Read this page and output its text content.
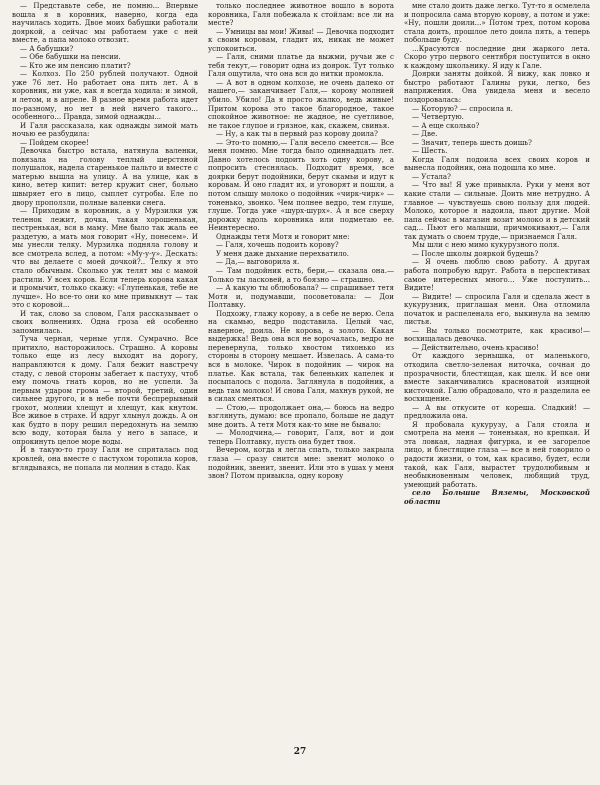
— Представьте себе, не помню... Впервые вошла я в коровник, наверно, когда еда научилась ходить. Двое моих бабушки работали дояркой, а сейчас мы работаем уже с ней вместе, а папа молоко отвозит.

— А бабушки?

— Обе бабушки на пенсии.

— Кто же им пенсию платит?

— Колхоз. По 250 рублей получают. Одной уже 76 лет. Но работает она пять лет. А в коровник, ни уже, как я всегда ходила: и зимой, и летом, и в апреле. В разное время работа идет по-разному, но нет в ней ничего такого... особенного... Правда, зимой однажды...

И Галя рассказала, как однажды зимой мать ночью ее разбудила:

— Пойдем скорее!

Девочка быстро встала, натянула валенки, повязала на голову теплый шерстяной полушалок, надела старенькое пальто и вместе с матерью вышла на улицу. А на улице, как в кино, ветер кипит: ветер кружит снег, больно швыряет его в лицо, сыплет сугробы. Еле по двору проползли, полные валенки снега.

— Приходим в коровник, а у Мурзилки уж теленок лежит, дочка, такая хорошенькая, пестренькая, вся в маму. Мне было так жаль ее раздетую, а мать моя говорит «Ну, понесем». И мы унесли телку. Мурзилка подняла голову и все смотрела вслед, а потом: «Му-у-у». Дескать: что вы делаете с моей дочкой?.. Телку я это стало обычным. Сколько уж телят мы с мамой растили. У всех коров. Если теперь корова какая и промычит, только скажу: «Глупенькая, тебе не лучше». Но все-то они ко мне привыкнут — так это с коровой...

И так, слово за словом, Галя рассказывает о своих волнениях. Одна гроза ей особенно запомнилась.

Туча черная, черные угля. Сумрачно. Все притихло, насторожилось. Страшно. А коровы только еще из лесу выходят на дорогу, направляются к дому. Галя бежит навстречу стаду, с левой стороны забегает к пастуху, чтоб ему помочь гнать коров, но не успели. За первым ударом грома — второй, третий, один сильнее другого, и в небе почти беспрерывный грохот, молнии хлещут и хлещут, как кнутом. Все живое в страхе. И вдруг хлынул дождь. А он как будто в пору решил передохнуть на землю всю воду, которая была у него в запасе, и опрокинуть целое море воды.

И в такую-то грозу Галя не спряталась под кровлей, она вместе с пастухом торопила коров, вглядываясь, не попала ли молния в стадо. Как

только последнее животное вошло в ворота коровника, Галя побежала к стойлам: все ли на месте?

— Умницы вы мои! Живы! — Девочка подходит к своим коровам, гладит их, никак не может успокоиться.

— Галя, сними платье да выжми, ручьи же с тебя текут,— говорит одна из доярок. Тут только Галя ощутила, что она вся до нитки промокла.

— А вот в одном колхозе, не очень далеко от нашего,— заканчивает Галя,— корову молнией убило. Убило! Да я просто жалко, ведь живые! Притом корова это такое благородное, такое спокойное животное: не жадное, не суетливое, не такое глупое и грязное, как, скажем, свинья.

— Ну, а как ты в первый раз корову доила?

— Это-то помню,— Галя весело смеется.— Все меня помню. Мне тогда было одиннадцать лет. Давно хотелось подоить хоть одну корову, а попросить стеснялась. Подходит время, все доярки берут подойники, берут скамьи и идут к коровам. И оно гладят их, и уговорят и пошли, а потом слышу молоко о подойник «чирк-чирк» — тоненько, звонко. Чем полнее ведро, тем глуше, глуше. Тогда уже «шурх-шурх». А я все сверху дорожку вдоль коровника или подметаю ее. Неинтересно.

Однажды тетя Мотя и говорит мне:

— Галя, хочешь подоить корову?

У меня даже дыхание перехватило.

— Да,— выговорила я.

— Там подойник есть, бери,— сказала она.— Только ты ласковей, а то боязно — страшно.

— А какую ты облюбовала? — спрашивает тетя Мотя и, подумавши, посоветовала: — Дои Полтавку.

Подхожу, глажу корову, а в себе не верю. Села на скамью, ведро подставила. Целый час, наверное, доила. Не корова, а золото. Какая выдержка! Ведь она вся не ворочалась, ведро не перевернула, только хвостом тихонько из стороны в сторону мешает. Извелась. А сама-то вся в молоке. Чирок в подойник — чирок на платье. Как встала, так беленьких капелек и посыпалось с подола. Заглянула в подойник, а ведь там молоко! И снова Галя, махнув рукой, не в силах смеяться.

— Стою,— продолжает она,— боюсь на ведро взглянуть, думаю: все пропало, больше не дадут мне доить. А тетя Мотя как-то мне не бывало:

— Молодчина,— говорит, Галя, вот и дои теперь Полтавку, пусть она будет твоя.

Вечером, когда я легла спать, только закрыла глаза — сразу снится мне: звенит молоко о подойник, звенит, звенит. Или это в ушах у меня звон? Потом привыкла, одну корову

мне стало доить даже легко. Тут-то я осмелела и попросила сама вторую корову, а потом и уже: «Ну, пошли доили...» Потом трех, потом корова стала доить, прошлое лето доила пять, а теперь побольше буду.

...Красуются последние дни жаркого лета. Скоро утро первого сентября поступится в окно к каждому школьнику. Я иду к Гале.

Доярки заняты дойкой. Я вижу, как ловко и быстро работают Галины руки, легко, без напряжения. Она увидела меня и весело поздоровалась:

— Которую? — спросила я.

— Четвертую.

— А еще сколько?

— Две.

— Значит, теперь шесть доишь?

— Шесть.

Когда Галя подоила всех своих коров и вынесла подойник, она подошла ко мне.

— Устала?

— Что вы! Я уже привыкла. Руки у меня вот какие стали — сильные. Доить мне нетрудно. А главное — чувствуешь свою пользу для людей. Молоко, которое я надоила, пьют другие. Мой папа сейчас в магазин возит молоко и в детский сад... Пьют его малыши, причмокивают,— Галя так думать о своем труде,— признаемся Галя.

Мы шли с нею мимо кукурузного поля.

— После школы дояркой будешь?

— Я очень люблю свою работу. А другая работа попробую вдруг. Работа в перспективах самое интересных много... Уже поступить... Видите!

— Видите! — спросила Галя и сделала жест в кукурузник, приглашая меня. Она отломила початок и распеленала его, выкинула на землю листья.

— Вы только посмотрите, как красиво!— восхищалась девочка.

— Действительно, очень красиво!

От каждого зернышка, от маленького, отходила светло-зеленая ниточка, сочная до прозрачности, блестящая, как шелк. И все они вместе заканчивались красноватой изящной кисточкой. Галю обрадовало, что я разделила ее восхищение.

— А вы откусите от кореша. Сладкий! — предложила она.

Я пробовала кукурузу, а Галя стояла и смотрела на меня — тоненькая, но крепкая. И эта ловкая, ладная фигурка, и ее загорелое лицо, и блестящие глаза — все в ней говорило о радости жизни, о том, как красиво, будет, если такой, как Галя, вырастет трудолюбивым и необыкновенным человек, любящий труд, умеющий работать.

село Большие Вяземы, Московской области

27
